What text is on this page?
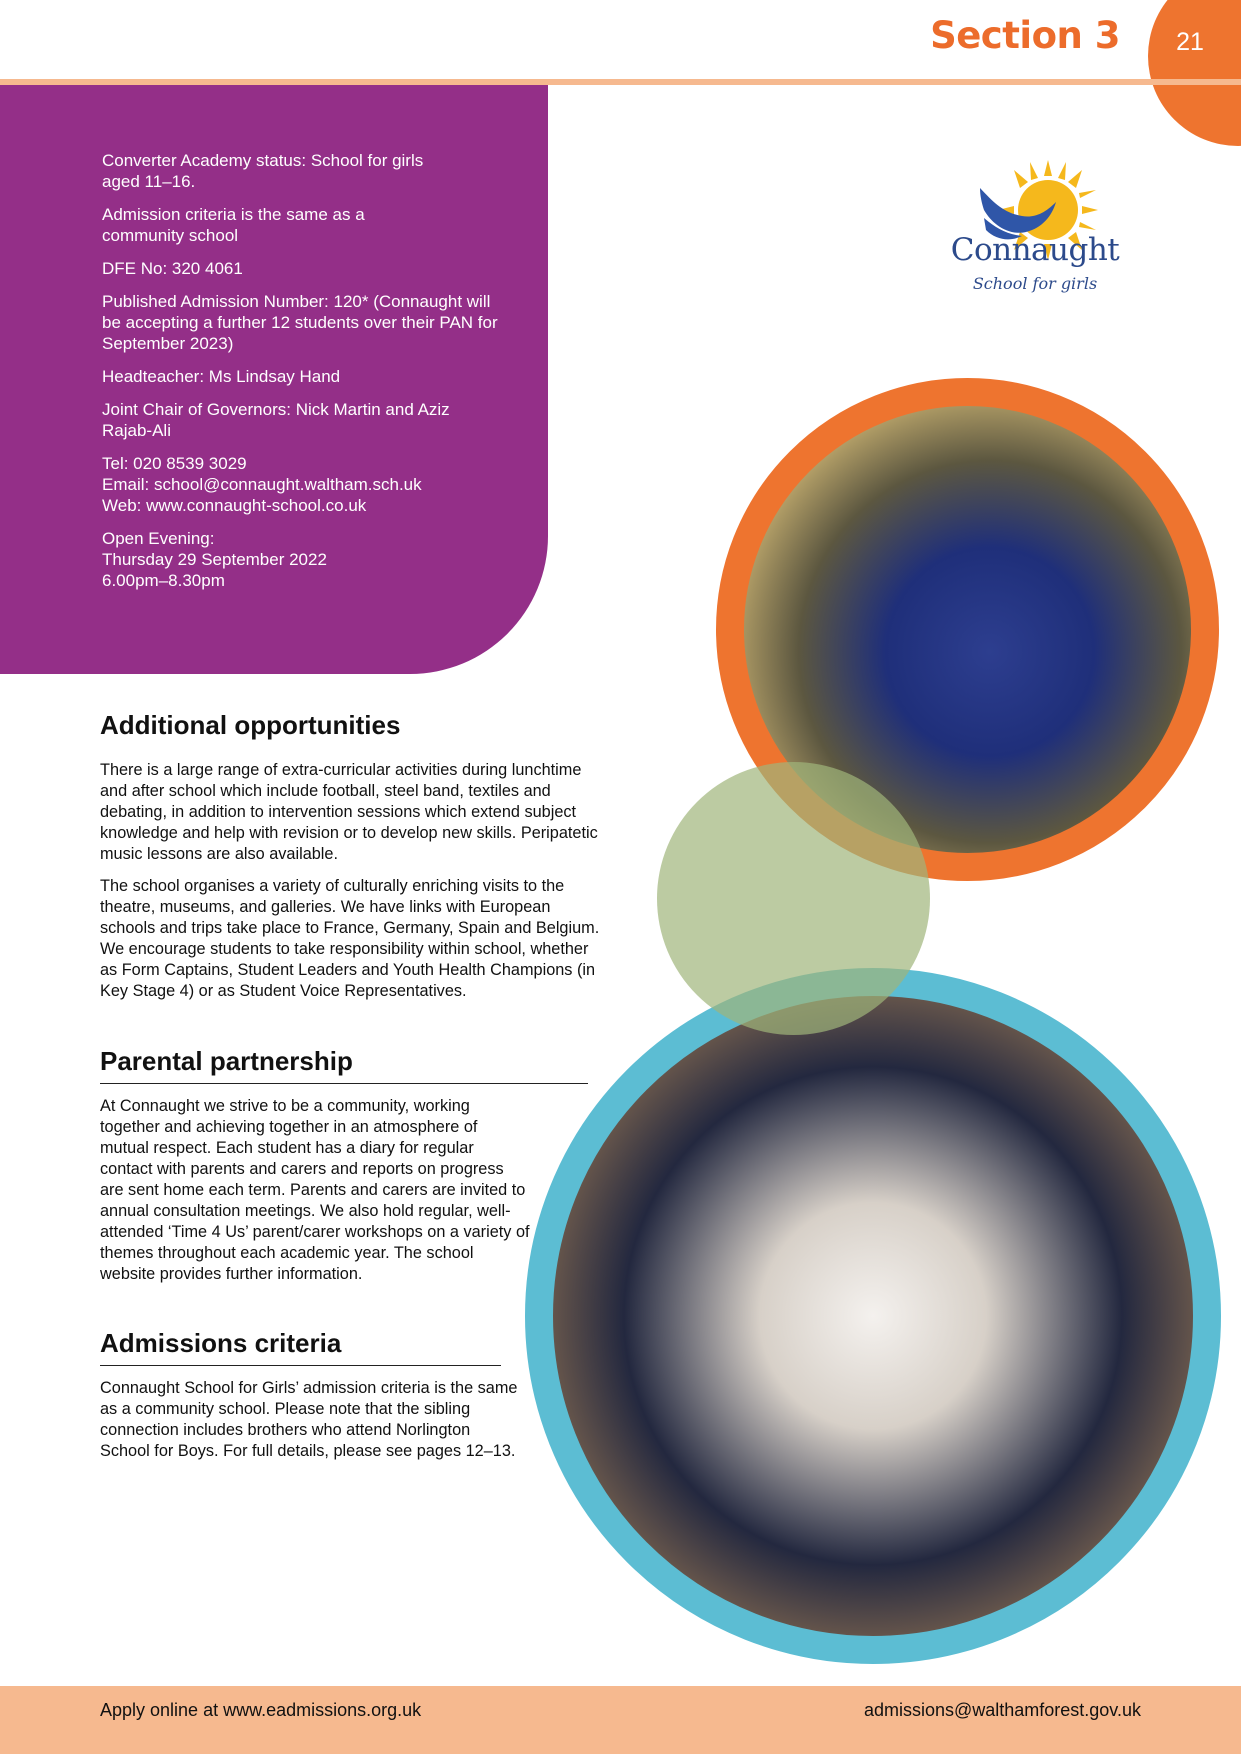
21
Section 3

Converter Academy status: School for girls
aged 11–16.

Admission criteria is the same as a
community school

DFE No: 320 4061

Published Admission Number: 120* (Connaught will
be accepting a further 12 students over their PAN for
September 2023)

Headteacher: Ms Lindsay Hand

Joint Chair of Governors: Nick Martin and Aziz
Rajab-Ali

Tel: 020 8539 3029
Email: school@connaught.waltham.sch.uk
Web: www.connaught-school.co.uk

Open Evening:
Thursday 29 September 2022
6.00pm–8.30pm

Connaught
School for girls
Additional opportunities

There is a large range of extra-curricular activities during lunchtime and after school which include football, steel band, textiles and debating, in addition to intervention sessions which extend subject knowledge and help with revision or to develop new skills. Peripatetic music lessons are also available.

The school organises a variety of culturally enriching visits to the theatre, museums, and galleries. We have links with European schools and trips take place to France, Germany, Spain and Belgium. We encourage students to take responsibility within school, whether as Form Captains, Student Leaders and Youth Health Champions (in Key Stage 4) or as Student Voice Representatives.

Parental partnership

At Connaught we strive to be a community, working together and achieving together in an atmosphere of mutual respect. Each student has a diary for regular contact with parents and carers and reports on progress are sent home each term. Parents and carers are invited to annual consultation meetings. We also hold regular, well-attended ‘Time 4 Us’ parent/carer workshops on a variety of themes throughout each academic year. The school website provides further information.

Admissions criteria

Connaught School for Girls’ admission criteria is the same as a community school. Please note that the sibling connection includes brothers who attend Norlington School for Boys. For full details, please see pages 12–13.

Apply online at www.eadmissions.org.uk	admissions@walthamforest.gov.uk
